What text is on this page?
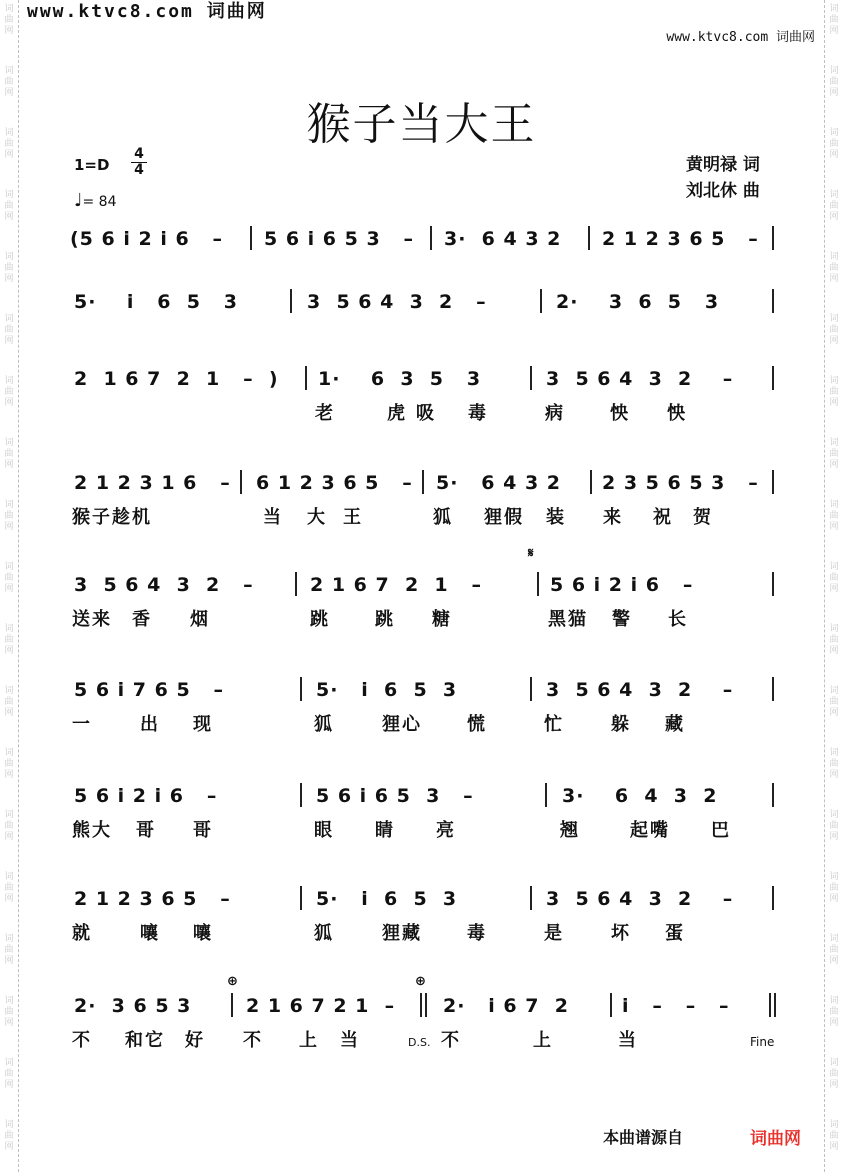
词
曲
网
词
曲
网
词
曲
网
词
曲
网
词
曲
网
词
曲
网
词
曲
网
词
曲
网
词
曲
网
词
曲
网
词
曲
网
词
曲
网
词
曲
网
词
曲
网
词
曲
网
词
曲
网
词
曲
网
词
曲
网
词
曲
网
词
曲
网
词
曲
网
词
曲
网
词
曲
网
词
曲
网
词
曲
网
词
曲
网
词
曲
网
词
曲
网
词
曲
网
词
曲
网
词
曲
网
词
曲
网
词
曲
网
词
曲
网
词
曲
网
词
曲
网
词
曲
网
词
曲
网
www.ktvc8.com 词曲网
www.ktvc8.com 词曲网
猴子当大王
1=D
4
4
♩= 84
黄明禄 词
刘北休 曲
(5 6 i 2 i 6   – 5 6 i 6 5 3   – 3·  6 4 3 2 2 1 2 3 6 5   –
5·    i   6  5   3	3  5 6 4  3  2   –	2·    3  6  5   3
2  1 6 7  2  1   –  ) 1·    6  3  5   3	3  5 6 4  3  2    –
老	虎 吸 毒	病	怏 怏
2 1 2 3 1 6   – 6 1 2 3 6 5   – 5·   6 4 3 2 2 3 5 6 5 3   –
猴子趁机	当 大 王	狐 狸假 装 来 祝 贺
3  5 6 4  3  2   –	2 1 6 7  2  1   –	5 6 i 2 i 6   –
送来 香 烟	跳	跳 糖	黑猫 警 长
5 6 i 7 6 5   –	5·   i  6  5  3	3  5 6 4  3  2    –
一	出 现	狐	狸心	慌	忙	躲 藏
5 6 i 2 i 6   –	5 6 i 6 5  3   –	3·    6  4  3  2
熊大 哥 哥	眼 睛 亮	翘	起嘴 巴
2 1 2 3 6 5   –	5·   i  6  5  3	3  5 6 4  3  2    –
就	嚷 嚷	狐	狸藏	毒	是	坏 蛋
2·  3 6 5 3	2 1 6 7 2 1  –	2·   i 6 7  2	i   –   –   –
不 和它 好 不 上 当	不	上	当
𝄋
⊕	⊕
D.S.	Fine
本曲谱源自	词曲网
